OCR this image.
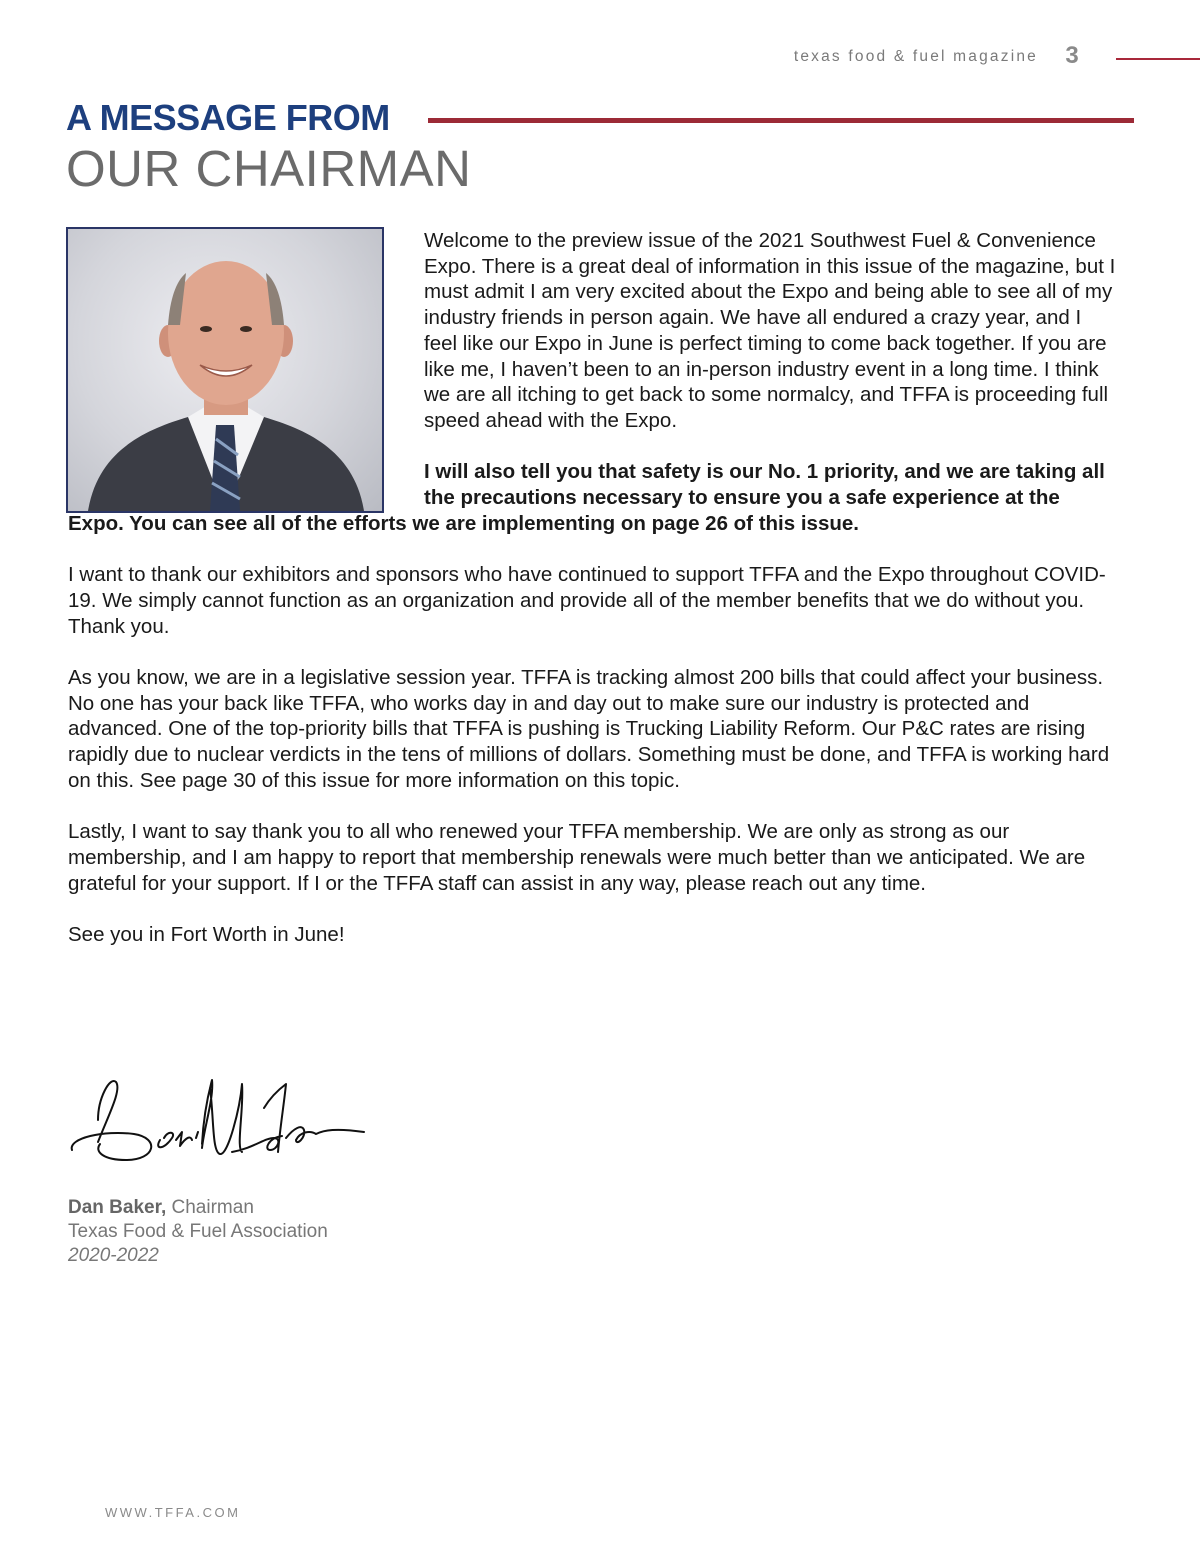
texas food & fuel magazine 3
A MESSAGE FROM
OUR CHAIRMAN

Welcome to the preview issue of the 2021 Southwest Fuel & Convenience Expo. There is a great deal of information in this issue of the magazine, but I must admit I am very excited about the Expo and being able to see all of my industry friends in person again. We have all endured a crazy year, and I feel like our Expo in June is perfect timing to come back together. If you are like me, I haven’t been to an in-person industry event in a long time. I think we are all itching to get back to some normalcy, and TFFA is proceeding full speed ahead with the Expo.

I will also tell you that safety is our No. 1 priority, and we are taking all the precautions necessary to ensure you a safe experience at the Expo. You can see all of the efforts we are implementing on page 26 of this issue.

I want to thank our exhibitors and sponsors who have continued to support TFFA and the Expo throughout COVID-19. We simply cannot function as an organization and provide all of the member benefits that we do without you. Thank you.

As you know, we are in a legislative session year. TFFA is tracking almost 200 bills that could affect your business. No one has your back like TFFA, who works day in and day out to make sure our industry is protected and advanced. One of the top-priority bills that TFFA is pushing is Trucking Liability Reform. Our P&C rates are rising rapidly due to nuclear verdicts in the tens of millions of dollars. Something must be done, and TFFA is working hard on this. See page 30 of this issue for more information on this topic.

Lastly, I want to say thank you to all who renewed your TFFA membership. We are only as strong as our membership, and I am happy to report that membership renewals were much better than we anticipated. We are grateful for your support. If I or the TFFA staff can assist in any way, please reach out any time.

See you in Fort Worth in June!

Dan Baker, Chairman
Texas Food & Fuel Association
2020-2022
WWW.TFFA.COM
